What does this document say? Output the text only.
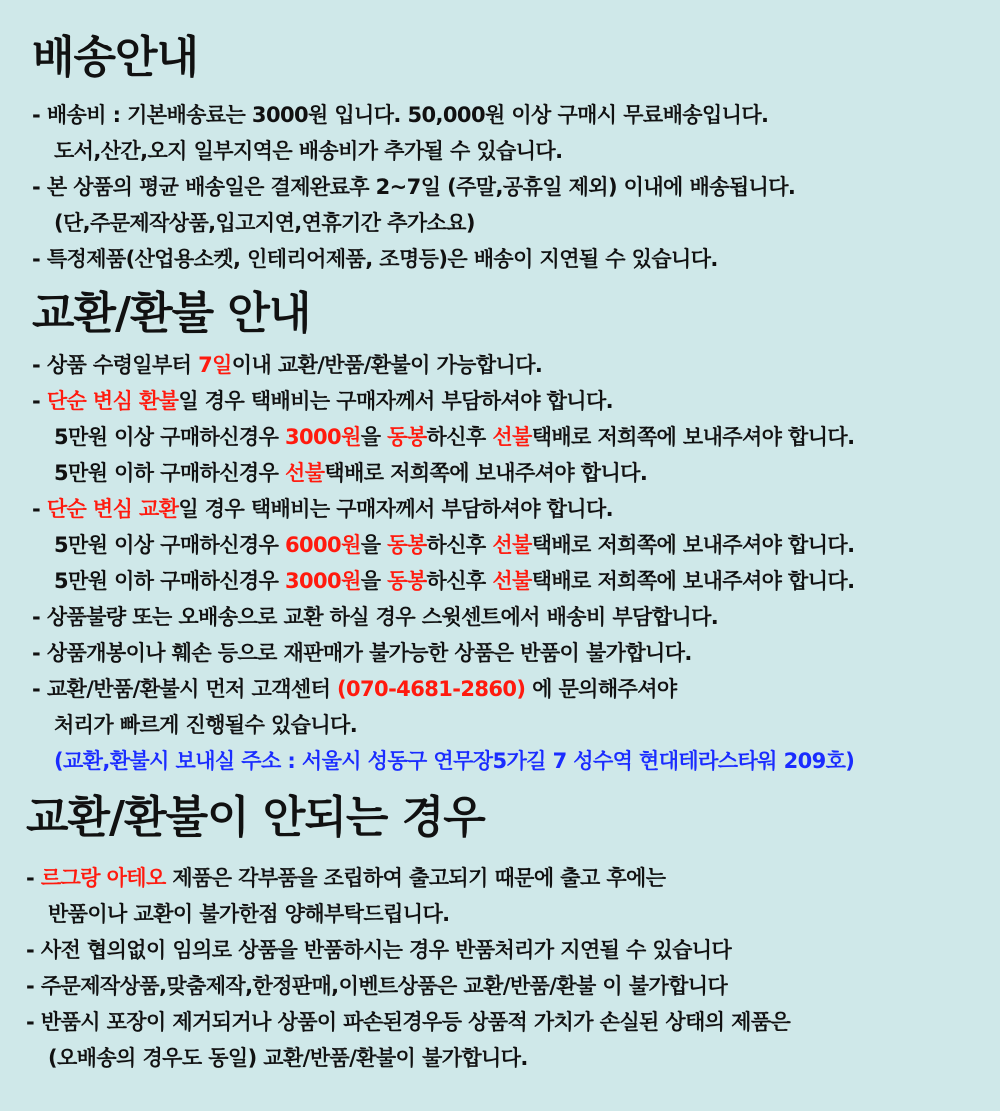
배송안내
- 배송비 : 기본배송료는 3000원 입니다. 50,000원 이상 구매시 무료배송입니다.
도서,산간,오지 일부지역은 배송비가 추가될 수 있습니다.
- 본 상품의 평균 배송일은 결제완료후 2~7일 (주말,공휴일 제외) 이내에 배송됩니다.
(단,주문제작상품,입고지연,연휴기간 추가소요)
- 특정제품(산업용소켓, 인테리어제품, 조명등)은 배송이 지연될 수 있습니다.
교환/환불 안내
- 상품 수령일부터 7일이내 교환/반품/환불이 가능합니다.
- 단순 변심 환불일 경우 택배비는 구매자께서 부담하셔야 합니다.
5만원 이상 구매하신경우 3000원을 동봉하신후 선불택배로 저희쪽에 보내주셔야 합니다.
5만원 이하 구매하신경우 선불택배로 저희쪽에 보내주셔야 합니다.
- 단순 변심 교환일 경우 택배비는 구매자께서 부담하셔야 합니다.
5만원 이상 구매하신경우 6000원을 동봉하신후 선불택배로 저희쪽에 보내주셔야 합니다.
5만원 이하 구매하신경우 3000원을 동봉하신후 선불택배로 저희쪽에 보내주셔야 합니다.
- 상품불량 또는 오배송으로 교환 하실 경우 스윗센트에서 배송비 부담합니다.
- 상품개봉이나 훼손 등으로 재판매가 불가능한 상품은 반품이 불가합니다.
- 교환/반품/환불시 먼저 고객센터 (070-4681-2860) 에 문의해주셔야
처리가 빠르게 진행될수 있습니다.
(교환,환불시 보내실 주소 : 서울시 성동구 연무장5가길 7 성수역 현대테라스타워 209호)
교환/환불이 안되는 경우
- 르그랑 아테오 제품은 각부품을 조립하여 출고되기 때문에 출고 후에는
반품이나 교환이 불가한점 양해부탁드립니다.
- 사전 협의없이 임의로 상품을 반품하시는 경우 반품처리가 지연될 수 있습니다
- 주문제작상품,맞춤제작,한정판매,이벤트상품은 교환/반품/환불 이 불가합니다
- 반품시 포장이 제거되거나 상품이 파손된경우등 상품적 가치가 손실된 상태의 제품은
(오배송의 경우도 동일) 교환/반품/환불이 불가합니다.
